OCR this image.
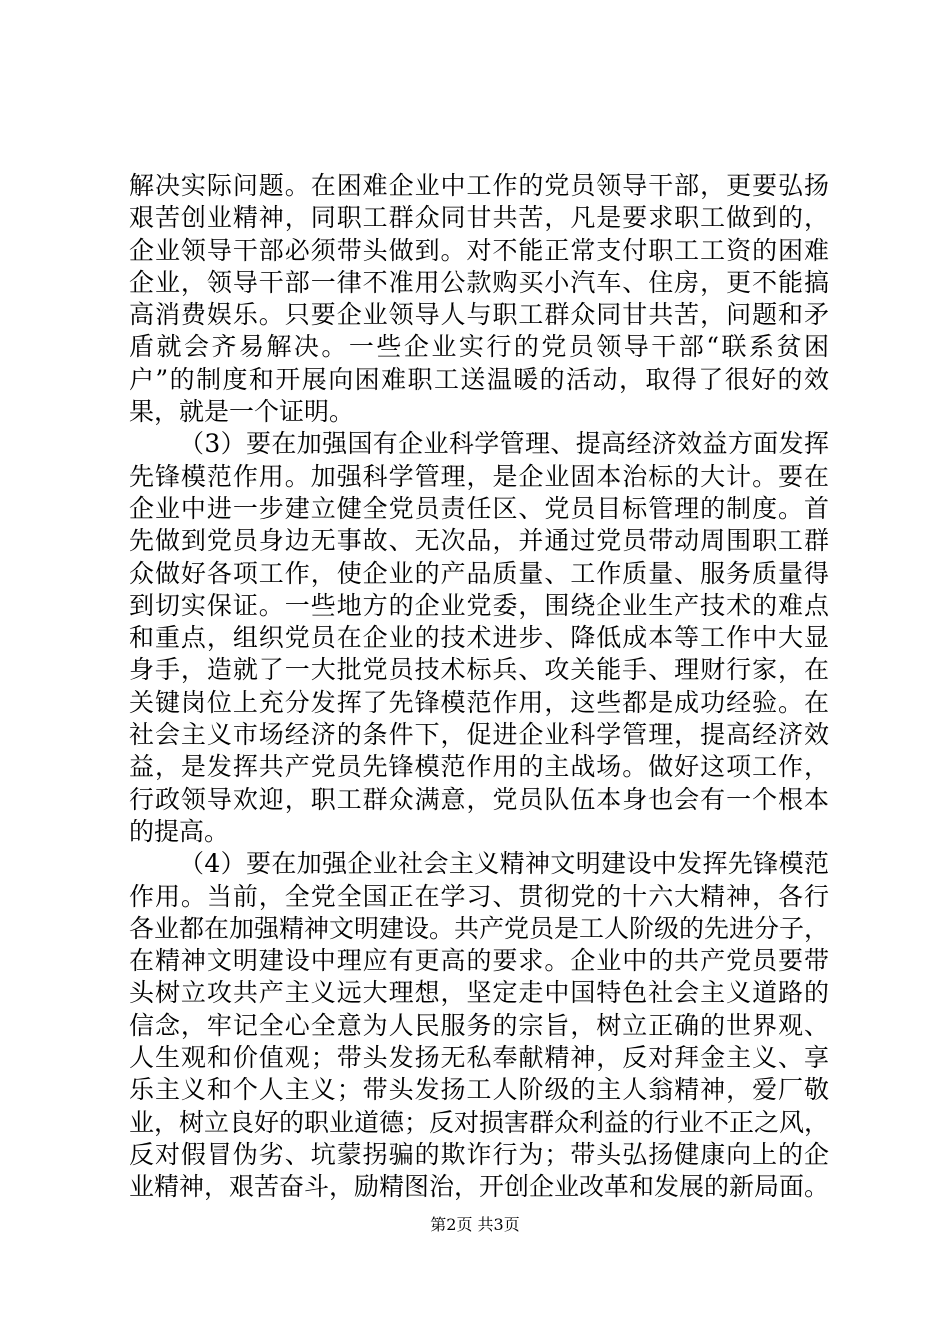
解决实际问题。在困难企业中工作的党员领导干部，更要弘扬
艰苦创业精神，同职工群众同甘共苦，凡是要求职工做到的，
企业领导干部必须带头做到。对不能正常支付职工工资的困难
企业，领导干部一律不准用公款购买小汽车、住房，更不能搞
高消费娱乐。只要企业领导人与职工群众同甘共苦，问题和矛
盾就会齐易解决。一些企业实行的党员领导干部“联系贫困
户”的制度和开展向困难职工送温暖的活动，取得了很好的效
果，就是一个证明。
（3）要在加强国有企业科学管理、提高经济效益方面发挥
先锋模范作用。加强科学管理，是企业固本治标的大计。要在
企业中进一步建立健全党员责任区、党员目标管理的制度。首
先做到党员身边无事故、无次品，并通过党员带动周围职工群
众做好各项工作，使企业的产品质量、工作质量、服务质量得
到切实保证。一些地方的企业党委，围绕企业生产技术的难点
和重点，组织党员在企业的技术进步、降低成本等工作中大显
身手，造就了一大批党员技术标兵、攻关能手、理财行家，在
关键岗位上充分发挥了先锋模范作用，这些都是成功经验。在
社会主义市场经济的条件下，促进企业科学管理，提高经济效
益，是发挥共产党员先锋模范作用的主战场。做好这项工作，
行政领导欢迎，职工群众满意，党员队伍本身也会有一个根本
的提高。
（4）要在加强企业社会主义精神文明建设中发挥先锋模范
作用。当前，全党全国正在学习、贯彻党的十六大精神，各行
各业都在加强精神文明建设。共产党员是工人阶级的先进分子，
在精神文明建设中理应有更高的要求。企业中的共产党员要带
头树立攻共产主义远大理想，坚定走中国特色社会主义道路的
信念，牢记全心全意为人民服务的宗旨，树立正确的世界观、
人生观和价值观；带头发扬无私奉献精神，反对拜金主义、享
乐主义和个人主义；带头发扬工人阶级的主人翁精神，爱厂敬
业，树立良好的职业道德；反对损害群众利益的行业不正之风，
反对假冒伪劣、坑蒙拐骗的欺诈行为；带头弘扬健康向上的企
业精神，艰苦奋斗，励精图治，开创企业改革和发展的新局面。
第2页 共3页
